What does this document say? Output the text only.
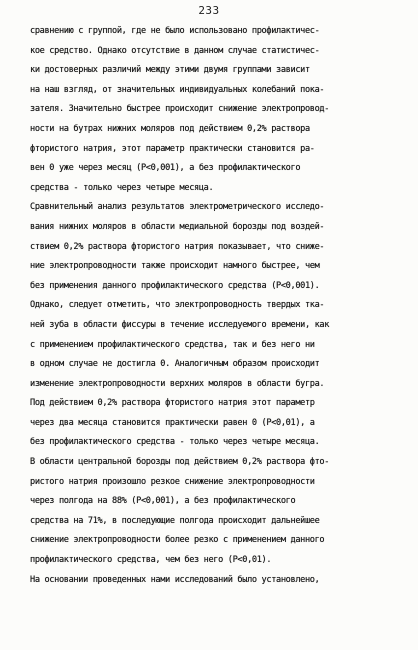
233
сравнению с группой, где не было использовано профилактичес-
кое средство. Однако отсутствие в данном случае статистичес-
ки достоверных различий между этими двумя группами зависит
на наш взгляд, от значительных индивидуальных колебаний пока-
зателя. Значительно быстрее происходит снижение электропровод-
ности на бутрах нижних моляров под действием 0,2% раствора
фтористого натрия, этот параметр практически становится ра-
вен 0 уже через месяц (P<0,001), а без профилактического
средства - только через четыре месяца.
Сравнительный анализ результатов электрометрического исследо-
вания нижних моляров в области медиальной борозды под воздей-
ствием 0,2% раствора фтористого натрия показывает, что сниже-
ние электропроводности также происходит намного быстрее, чем
без применения данного профилактического средства (P<0,001).
Однако, следует отметить, что электропроводность твердых тка-
ней зуба в области фиссуры в течение исследуемого времени, как
с применением профилактического средства, так и без него ни
в одном случае не достигла 0. Аналогичным образом происходит
изменение электропроводности верхних моляров в области бугра.
Под действием 0,2% раствора фтористого натрия этот параметр
через два месяца становится практически равен 0 (P<0,01), а
без профилактического средства - только через четыре месяца.
В области центральной борозды под действием 0,2% раствора фто-
ристого натрия произошло резкое снижение электропроводности
через полгода на 88% (P<0,001), а без профилактического
средства на 71%, в последующие полгода происходит дальнейшее
снижение электропроводности более резко с применением данного
профилактического средства, чем без него (P<0,01).
На основании проведенных нами исследований было установлено,
